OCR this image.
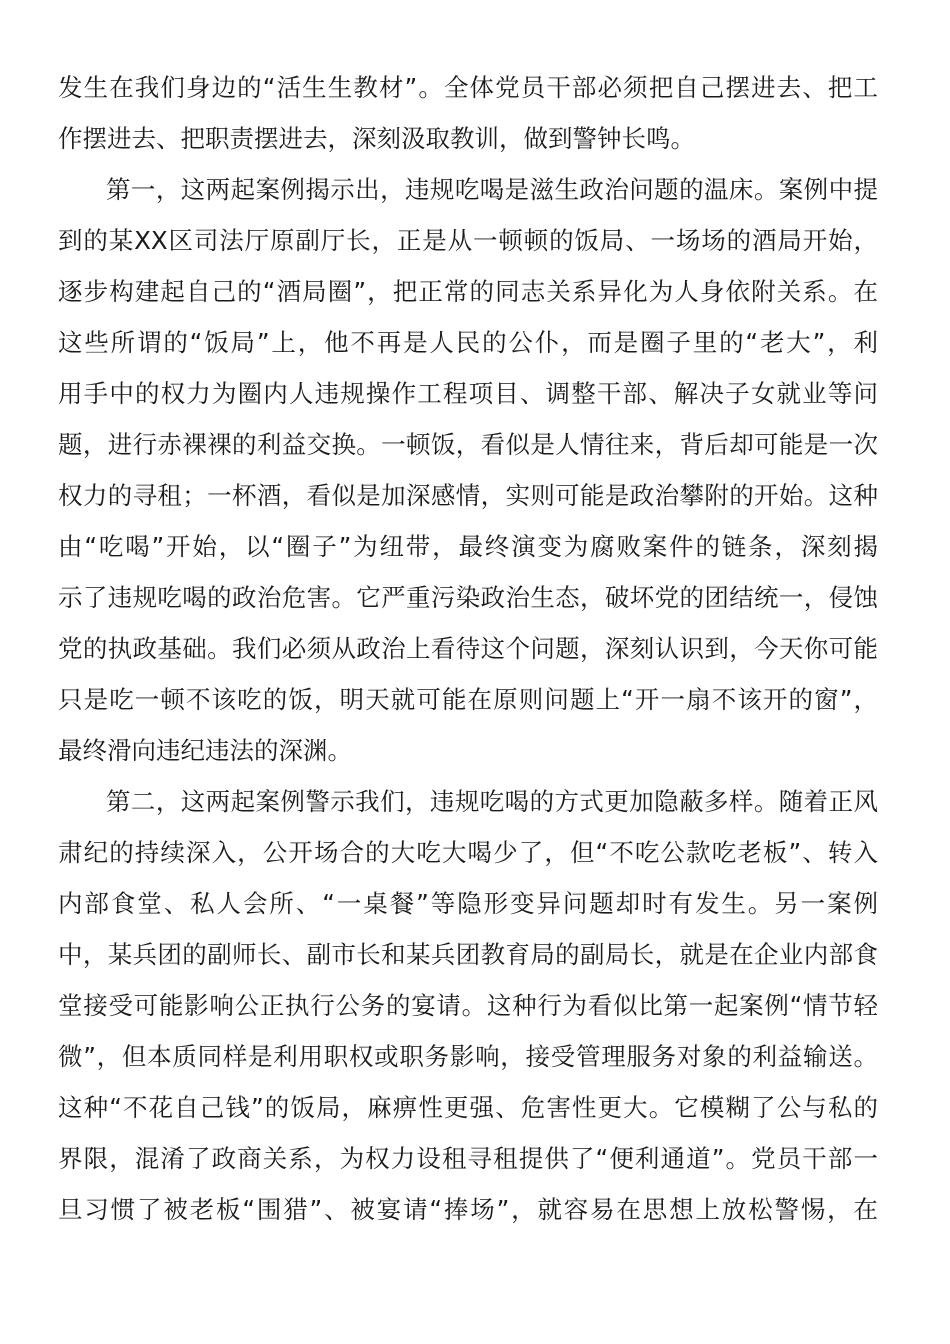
发生在我们身边的“活生生教材”。全体党员干部必须把自己摆进去、把工
作摆进去、把职责摆进去，深刻汲取教训，做到警钟长鸣。
第一，这两起案例揭示出，违规吃喝是滋生政治问题的温床。案例中提
到的某XX区司法厅原副厅长，正是从一顿顿的饭局、一场场的酒局开始，
逐步构建起自己的“酒局圈”，把正常的同志关系异化为人身依附关系。在
这些所谓的“饭局”上，他不再是人民的公仆，而是圈子里的“老大”，利
用手中的权力为圈内人违规操作工程项目、调整干部、解决子女就业等问
题，进行赤裸裸的利益交换。一顿饭，看似是人情往来，背后却可能是一次
权力的寻租；一杯酒，看似是加深感情，实则可能是政治攀附的开始。这种
由“吃喝”开始，以“圈子”为纽带，最终演变为腐败案件的链条，深刻揭
示了违规吃喝的政治危害。它严重污染政治生态，破坏党的团结统一，侵蚀
党的执政基础。我们必须从政治上看待这个问题，深刻认识到，今天你可能
只是吃一顿不该吃的饭，明天就可能在原则问题上“开一扇不该开的窗”，
最终滑向违纪违法的深渊。
第二，这两起案例警示我们，违规吃喝的方式更加隐蔽多样。随着正风
肃纪的持续深入，公开场合的大吃大喝少了，但“不吃公款吃老板”、转入
内部食堂、私人会所、“一桌餐”等隐形变异问题却时有发生。另一案例
中，某兵团的副师长、副市长和某兵团教育局的副局长，就是在企业内部食
堂接受可能影响公正执行公务的宴请。这种行为看似比第一起案例“情节轻
微”，但本质同样是利用职权或职务影响，接受管理服务对象的利益输送。
这种“不花自己钱”的饭局，麻痹性更强、危害性更大。它模糊了公与私的
界限，混淆了政商关系，为权力设租寻租提供了“便利通道”。党员干部一
旦习惯了被老板“围猎”、被宴请“捧场”，就容易在思想上放松警惕，在
